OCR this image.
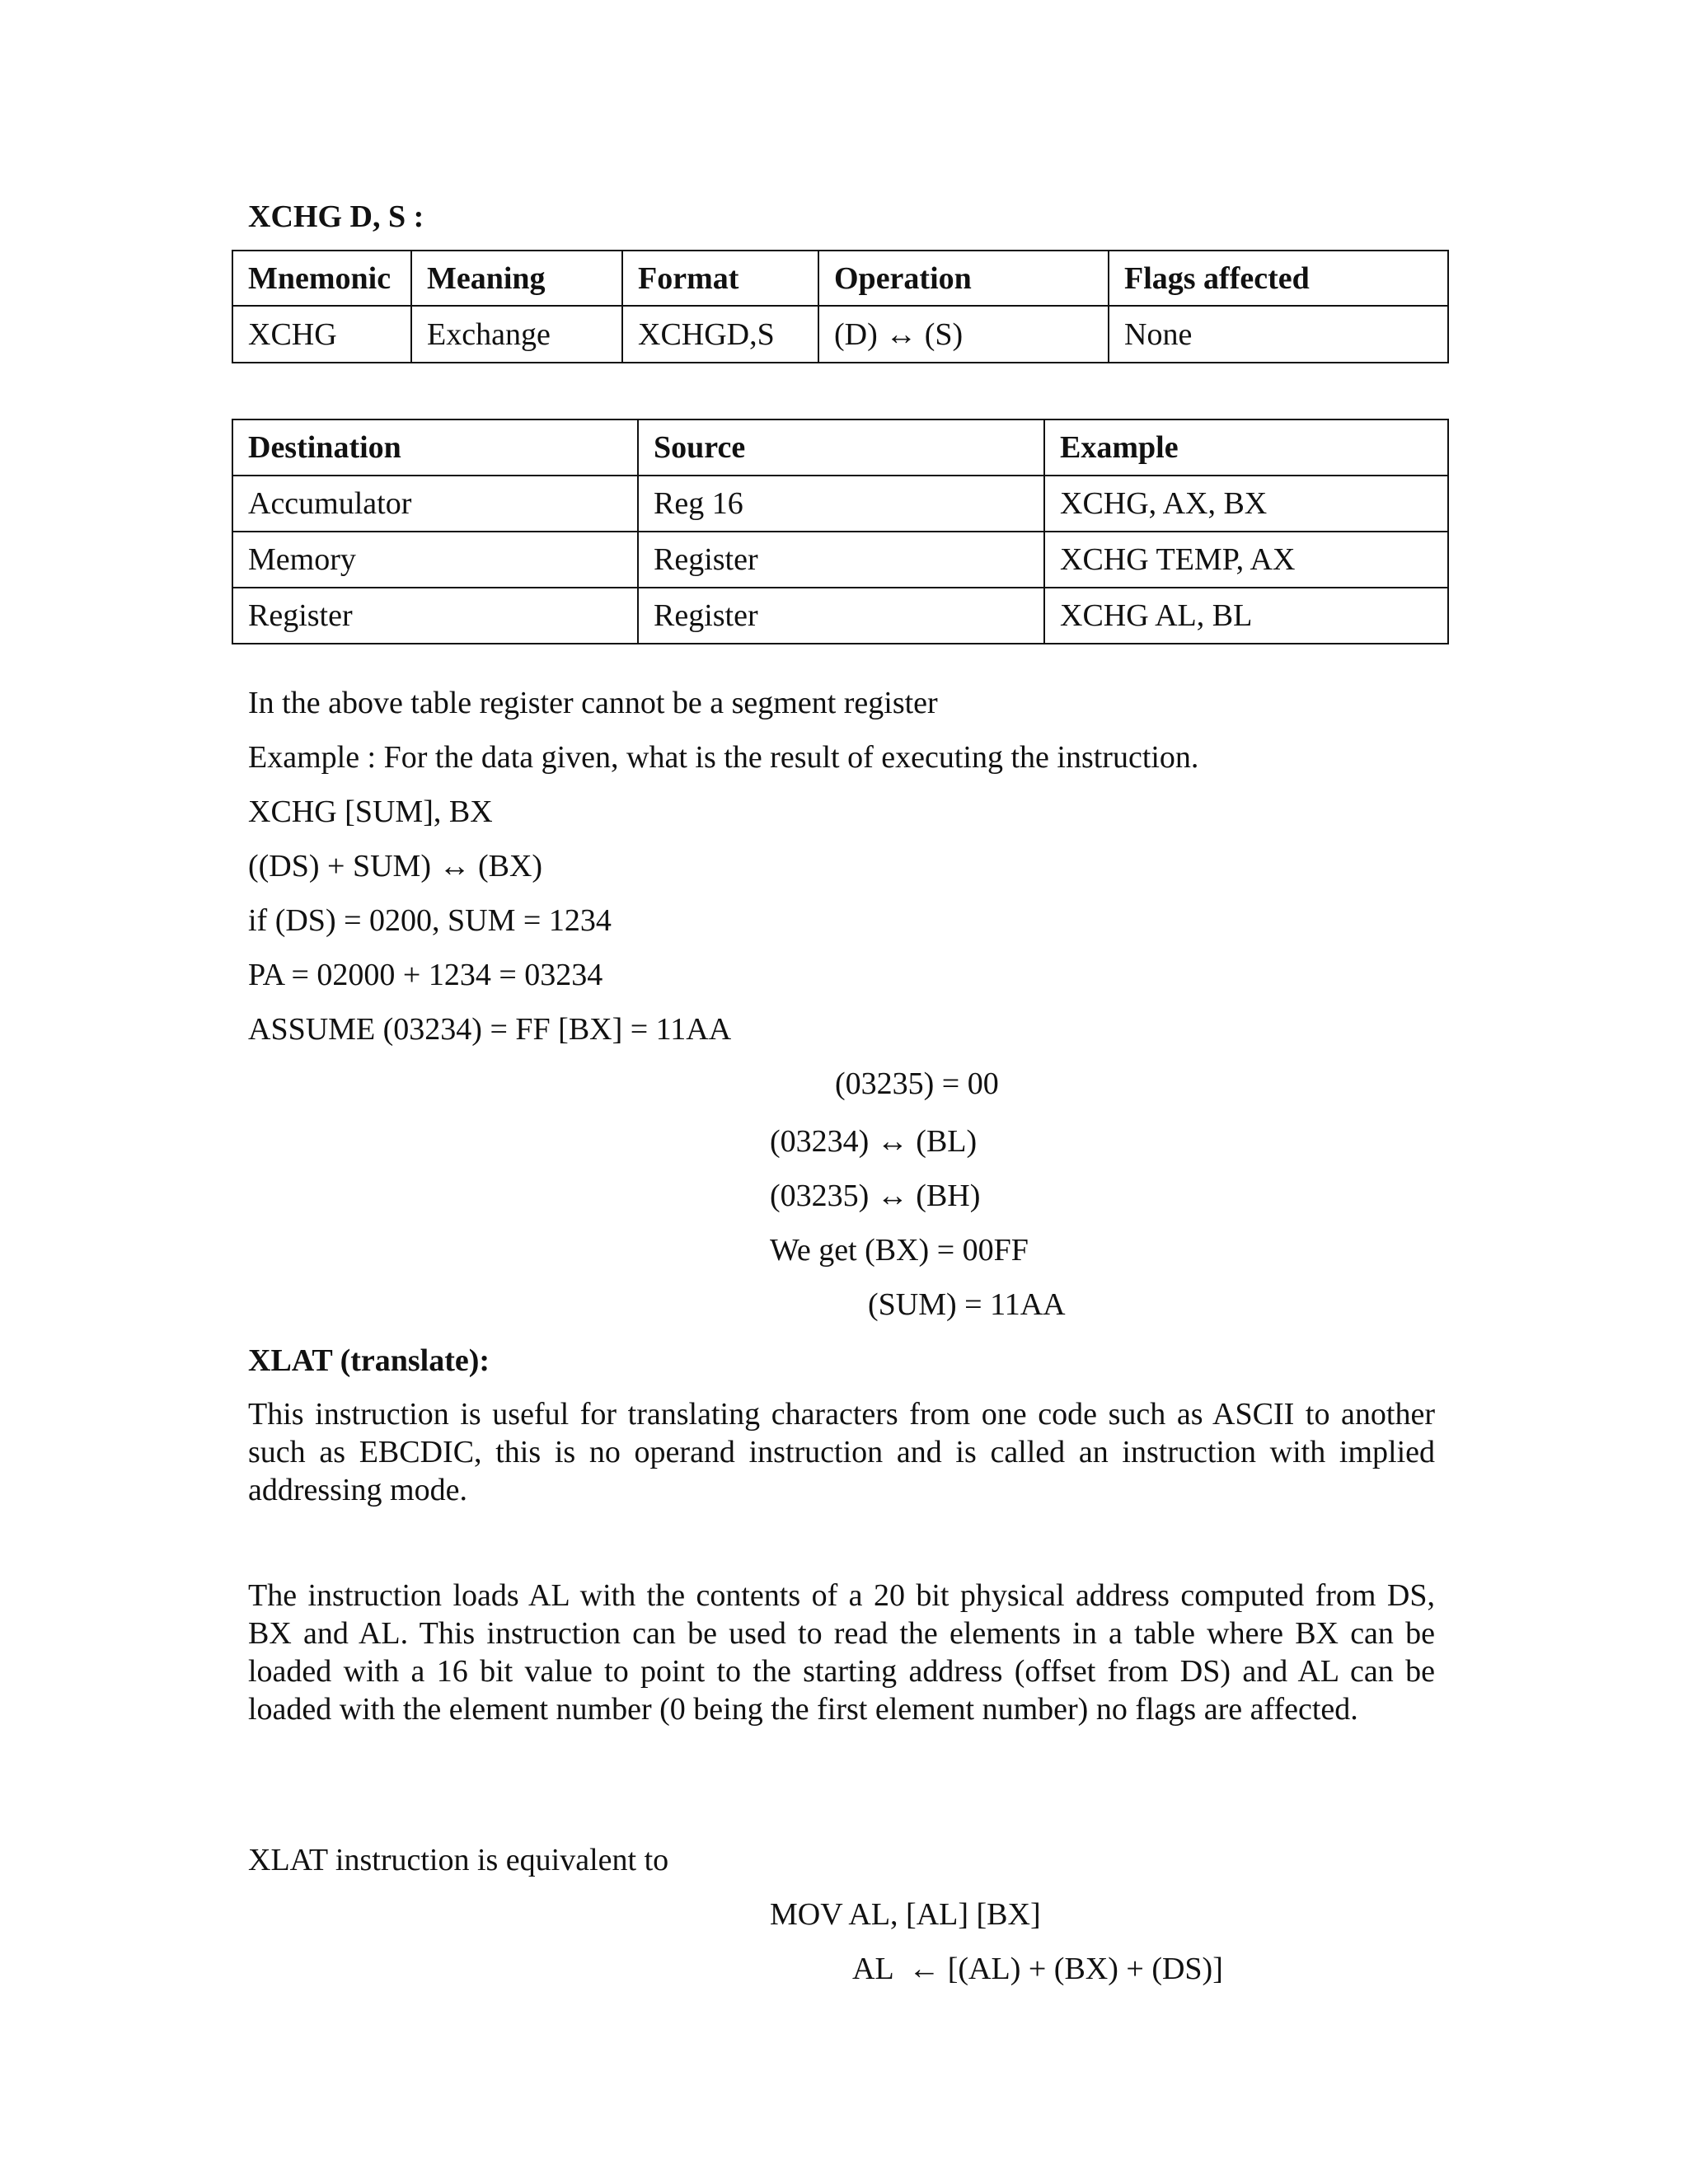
XCHG D, S :
Mnemonic	Meaning	Format	Operation	Flags affected
XCHG	Exchange	XCHGD,S	(D) ↔ (S)	None
Destination	Source	Example
Accumulator	Reg 16	XCHG, AX, BX
Memory	Register	XCHG TEMP, AX
Register	Register	XCHG AL, BL
In the above table register cannot be a segment register
Example : For the data given, what is the result of executing the instruction.
XCHG [SUM], BX
((DS) + SUM) ↔ (BX)
if (DS) = 0200, SUM = 1234
PA = 02000 + 1234 = 03234
ASSUME (03234) = FF [BX] = 11AA
(03235) = 00
(03234) ↔ (BL)
(03235) ↔ (BH)
We get (BX) = 00FF
(SUM) = 11AA
XLAT (translate):
This instruction is useful for translating characters from one code such as ASCII to another such as EBCDIC, this is no operand instruction and is called an instruction with implied addressing mode.
The instruction loads AL with the contents of a 20 bit physical address computed from DS, BX and AL. This instruction can be used to read the elements in a table where BX can be loaded with a 16 bit value to point to the starting address (offset from DS) and AL can be loaded with the element number (0 being the first element number) no flags are affected.
XLAT instruction is equivalent to
MOV AL, [AL] [BX]
AL  ← [(AL) + (BX) + (DS)]
